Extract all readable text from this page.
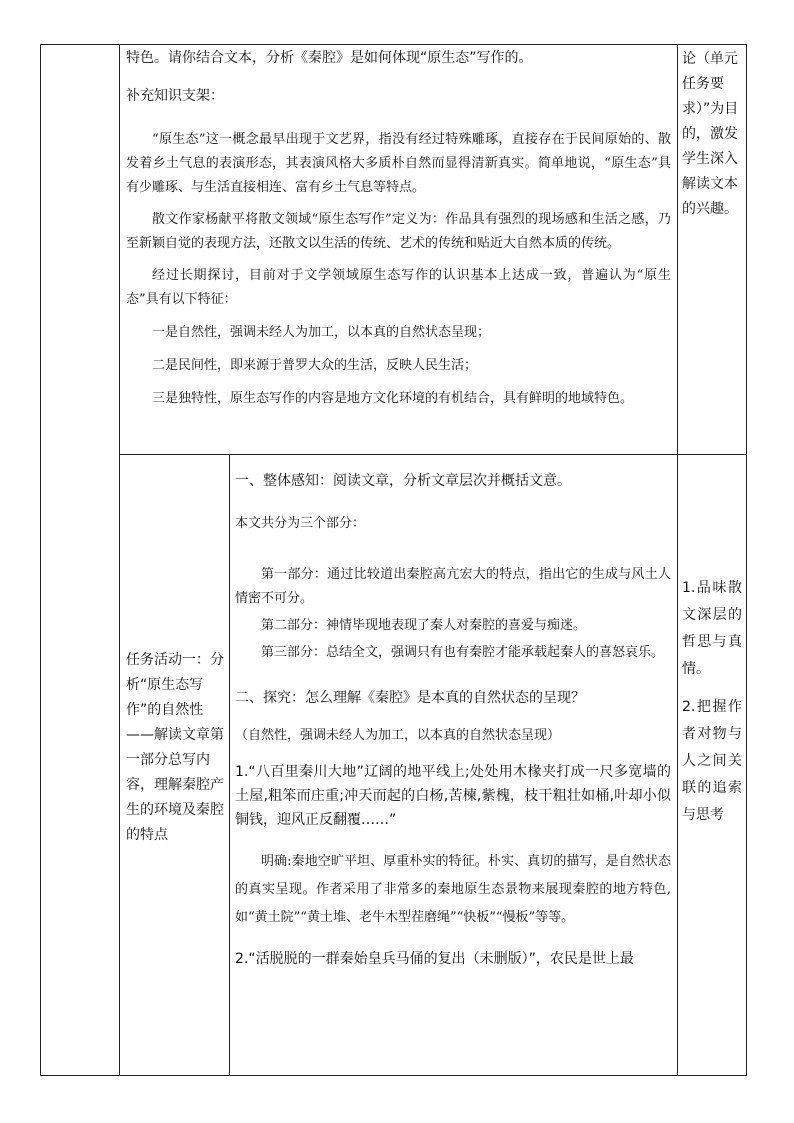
特色。请你结合文本，分析《秦腔》是如何体现“原生态”写作的。

补充知识支架：

“原生态”这一概念最早出现于文艺界，指没有经过特殊雕琢，直接存在于民间原始的、散发着乡土气息的表演形态，其表演风格大多质朴自然而显得清新真实。简单地说，“原生态”具有少雕琢、与生活直接相连、富有乡土气息等特点。

散文作家杨献平将散文领域“原生态写作”定义为：作品具有强烈的现场感和生活之感，乃至新颖自觉的表现方法，还散文以生活的传统、艺术的传统和贴近大自然本质的传统。

经过长期探讨，目前对于文学领域原生态写作的认识基本上达成一致，普遍认为“原生态”具有以下特征：

一是自然性，强调未经人为加工，以本真的自然状态呈现；

二是民间性，即来源于普罗大众的生活，反映人民生活；

三是独特性，原生态写作的内容是地方文化环境的有机结合，具有鲜明的地域特色。

论（单元任务要求）”为目的，激发学生深入解读文本的兴趣。

任务活动一：分析“原生态写作”的自然性——解读文章第一部分总写内容，理解秦腔产生的环境及秦腔的特点

一、整体感知：阅读文章，分析文章层次并概括文意。

本文共分为三个部分：

第一部分：通过比较道出秦腔高亢宏大的特点，指出它的生成与风土人情密不可分。

第二部分：神情毕现地表现了秦人对秦腔的喜爱与痴迷。

第三部分：总结全文，强调只有也有秦腔才能承载起秦人的喜怒哀乐。

二、探究：怎么理解《秦腔》是本真的自然状态的呈现？

（自然性，强调未经人为加工，以本真的自然状态呈现）

1.“八百里秦川大地”辽阔的地平线上;处处用木椽夹打成一尺多宽墙的土屋,粗笨而庄重;冲天而起的白杨,苦楝,紫槐，枝干粗壮如桶,叶却小似铜钱，迎风正反翻覆……”

明确:秦地空旷平坦、厚重朴实的特征。朴实、真切的描写，是自然状态的真实呈现。作者采用了非常多的秦地原生态景物来展现秦腔的地方特色,如“黄土院”“黄土堆、老牛木型茬磨绳”“快板”“慢板”等等。

2.“活脱脱的一群秦始皇兵马俑的复出（未删版）”，农民是世上最

1.品味散文深层的哲思与真情。

2.把握作者对物与人之间关联的追索与思考
